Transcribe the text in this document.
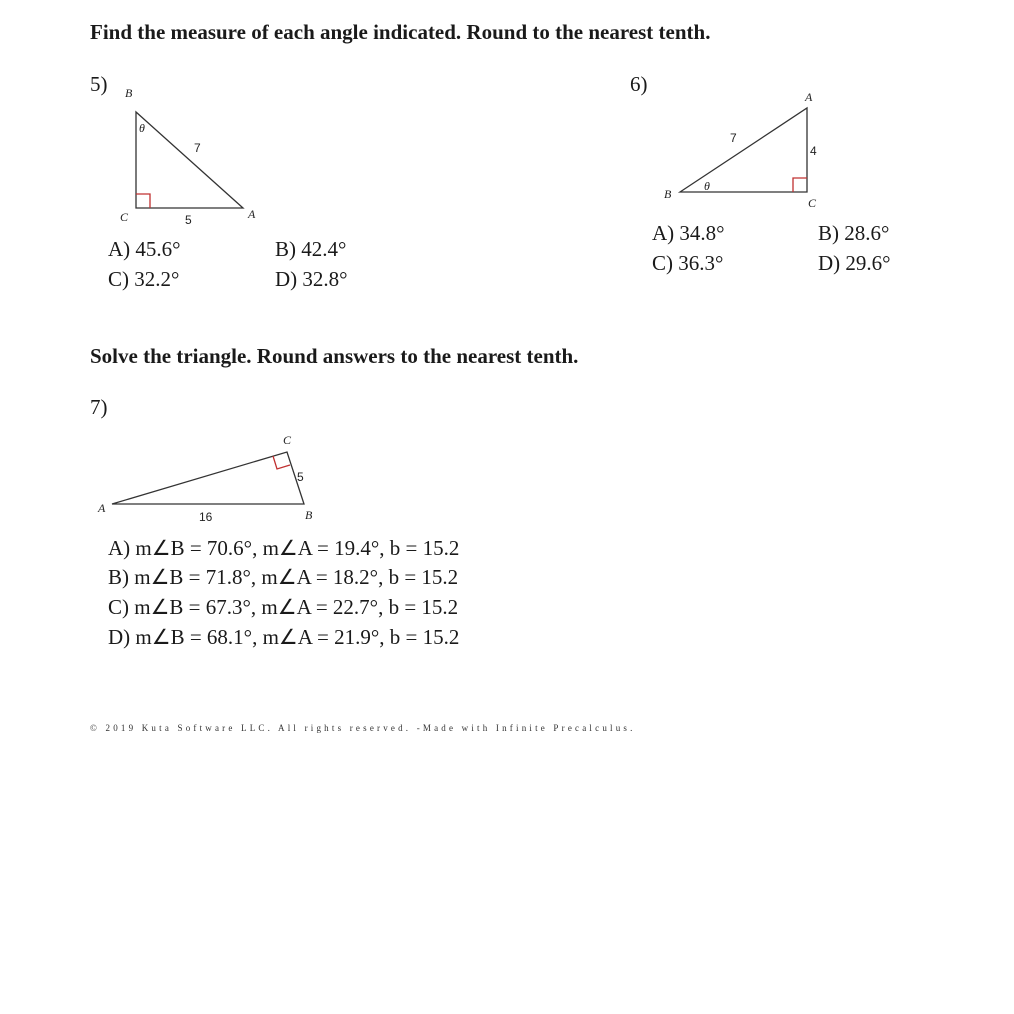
Find the measure of each angle indicated. Round to the nearest tenth.
5) B
θ
7
C	5	A
A) 45.6°	B) 42.4°
C) 32.2°	D) 32.8°
6)
A
7
4
θ
B
C
A) 34.8°	B) 28.6°
C) 36.3°	D) 29.6°
Solve the triangle. Round answers to the nearest tenth.
7)
C
5
A
16	B
A) m∠B = 70.6°, m∠A = 19.4°, b = 15.2
B) m∠B = 71.8°, m∠A = 18.2°, b = 15.2
C) m∠B = 67.3°, m∠A = 22.7°, b = 15.2
D) m∠B = 68.1°, m∠A = 21.9°, b = 15.2
© 2019 Kuta Software LLC. All rights reserved. -Made with Infinite Precalculus.
